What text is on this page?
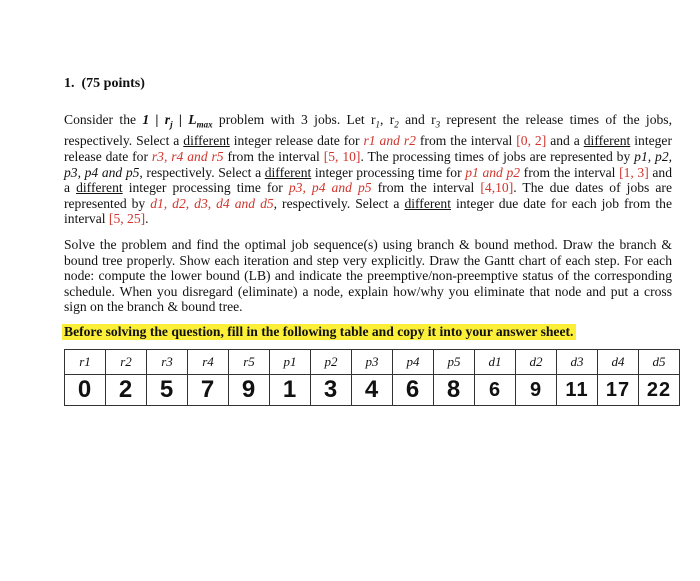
1. (75 points)
Consider the 1 | $r_j$ | $L_{max}$ problem with 3 jobs. Let $r_1$, $r_2$ and $r_3$ represent the release times of the jobs, respectively. Select a different integer release date for r1 and r2 from the interval [0, 2] and a different integer release date for r3, r4 and r5 from the interval [5, 10]. The processing times of jobs are represented by p1, p2, p3, p4 and p5, respectively. Select a different integer processing time for p1 and p2 from the interval [1, 3] and a different integer processing time for p3, p4 and p5 from the interval [4,10]. The due dates of jobs are represented by d1, d2, d3, d4 and d5, respectively. Select a different integer due date for each job from the interval [5, 25].
Solve the problem and find the optimal job sequence(s) using branch & bound method. Draw the branch & bound tree properly. Show each iteration and step very explicitly. Draw the Gantt chart of each step. For each node: compute the lower bound (LB) and indicate the preemptive/non-preemptive status of the corresponding schedule. When you disregard (eliminate) a node, explain how/why you eliminate that node and put a cross sign on the branch & bound tree.
Before solving the question, fill in the following table and copy it into your answer sheet.
r1	r2	r3	r4	r5	p1	p2	p3	p4	p5	d1	d2	d3	d4	d5
0	2	5	7	9	1	3	4	6	8	6	9	11	17	22
